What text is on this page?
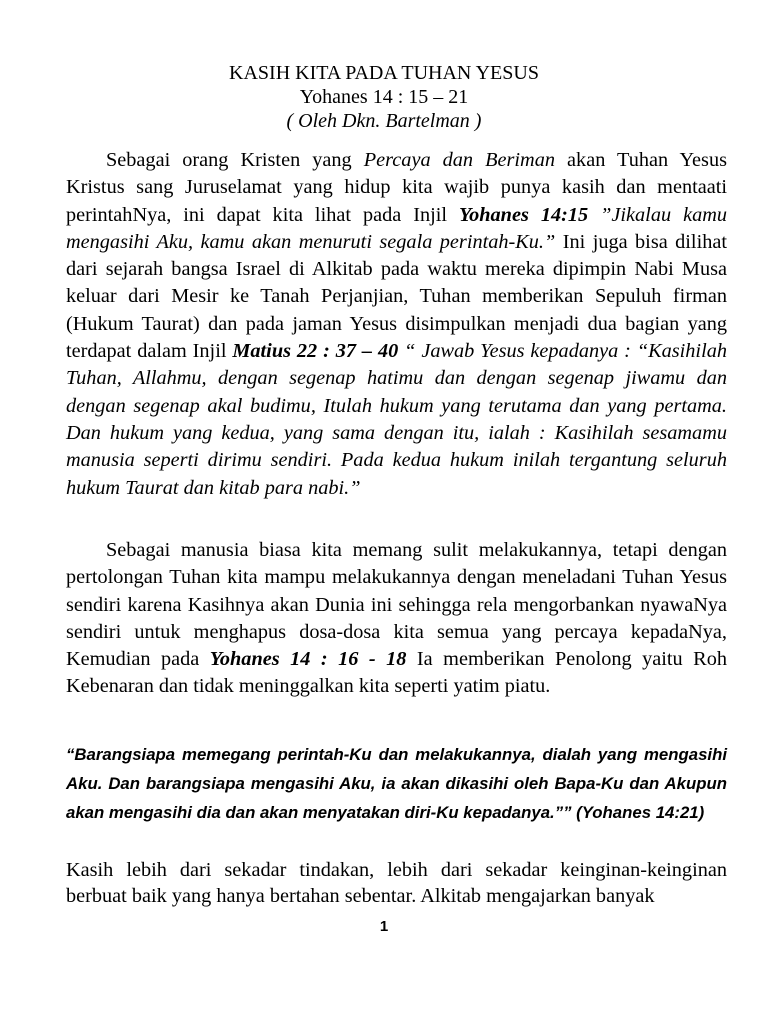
KASIH KITA PADA TUHAN YESUS
Yohanes 14 : 15 – 21
( Oleh Dkn. Bartelman )
Sebagai orang Kristen yang Percaya dan Beriman akan Tuhan Yesus Kristus sang Juruselamat yang hidup kita wajib punya kasih dan mentaati perintahNya, ini dapat kita lihat pada Injil Yohanes 14:15 ”Jikalau kamu mengasihi Aku, kamu akan menuruti segala perintah-Ku.” Ini juga bisa dilihat dari sejarah bangsa Israel di Alkitab pada waktu mereka dipimpin Nabi Musa keluar dari Mesir ke Tanah Perjanjian, Tuhan memberikan Sepuluh firman (Hukum Taurat) dan pada jaman Yesus disimpulkan menjadi dua bagian yang terdapat dalam Injil Matius 22 : 37 – 40 “ Jawab Yesus kepadanya : “Kasihilah Tuhan, Allahmu, dengan segenap hatimu dan dengan segenap jiwamu dan dengan segenap akal budimu, Itulah hukum yang terutama dan yang pertama. Dan hukum yang kedua, yang sama dengan itu, ialah : Kasihilah sesamamu manusia seperti dirimu sendiri. Pada kedua hukum inilah tergantung seluruh hukum Taurat dan kitab para nabi.”
Sebagai manusia biasa kita memang sulit melakukannya, tetapi dengan pertolongan Tuhan kita mampu melakukannya dengan meneladani Tuhan Yesus sendiri karena Kasihnya akan Dunia ini sehingga rela mengorbankan nyawaNya sendiri untuk menghapus dosa-dosa kita semua yang percaya kepadaNya, Kemudian pada Yohanes 14 : 16 - 18 Ia memberikan Penolong yaitu Roh Kebenaran dan tidak meninggalkan kita seperti yatim piatu.
“Barangsiapa memegang perintah-Ku dan melakukannya, dialah yang mengasihi Aku. Dan barangsiapa mengasihi Aku, ia akan dikasihi oleh Bapa-Ku dan Akupun akan mengasihi dia dan akan menyatakan diri-Ku kepadanya.”” (Yohanes 14:21)
Kasih lebih dari sekadar tindakan, lebih dari sekadar keinginan-keinginan berbuat baik yang hanya bertahan sebentar. Alkitab mengajarkan banyak
1
